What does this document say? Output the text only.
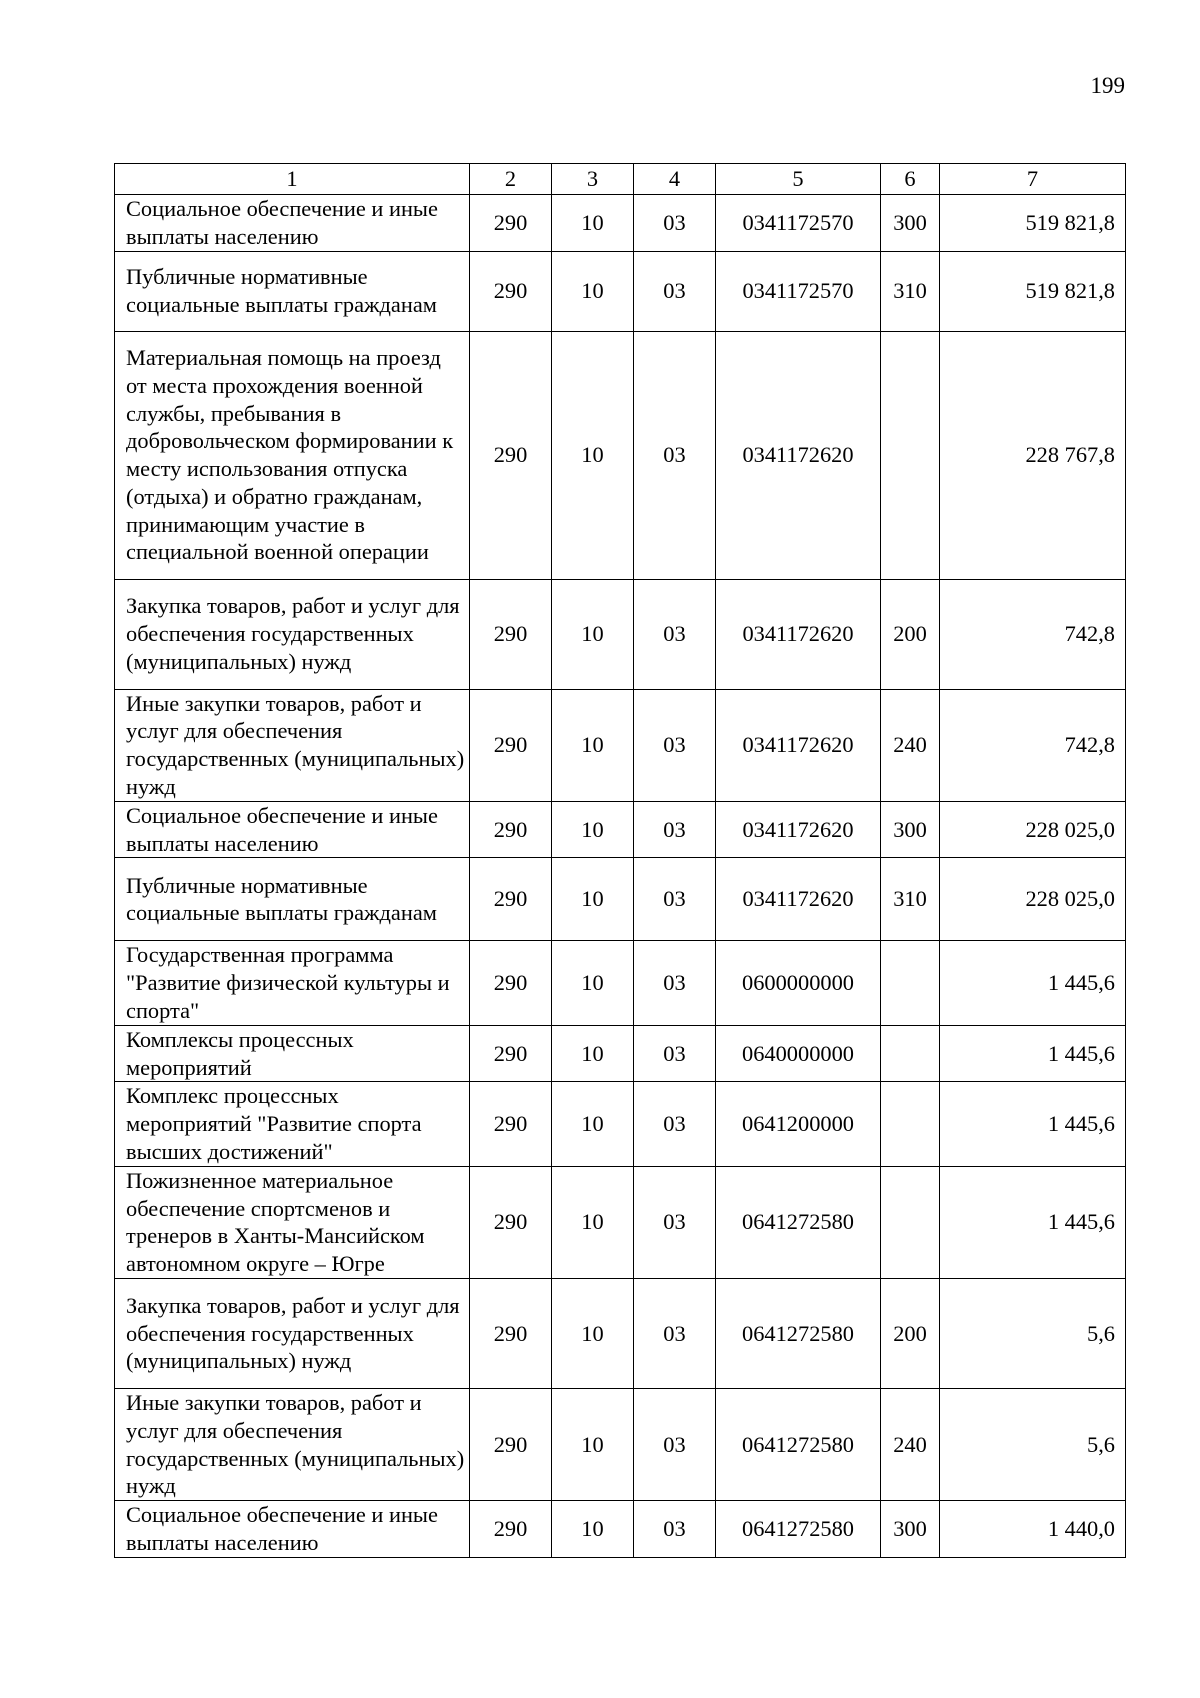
199
1	2	3	4	5	6	7
Социальное обеспечение и иные выплаты населению	290	10	03	0341172570	300	519 821,8
Публичные нормативные социальные выплаты гражданам	290	10	03	0341172570	310	519 821,8
Материальная помощь на проезд от места прохождения военной службы, пребывания в добровольческом формировании к месту использования отпуска (отдыха) и обратно гражданам, принимающим участие в специальной военной операции	290	10	03	0341172620		228 767,8
Закупка товаров, работ и услуг для обеспечения государственных (муниципальных) нужд	290	10	03	0341172620	200	742,8
Иные закупки товаров, работ и услуг для обеспечения государственных (муниципальных) нужд	290	10	03	0341172620	240	742,8
Социальное обеспечение и иные выплаты населению	290	10	03	0341172620	300	228 025,0
Публичные нормативные социальные выплаты гражданам	290	10	03	0341172620	310	228 025,0
Государственная программа "Развитие физической культуры и спорта"	290	10	03	0600000000		1 445,6
Комплексы процессных мероприятий	290	10	03	0640000000		1 445,6
Комплекс процессных мероприятий "Развитие спорта высших достижений"	290	10	03	0641200000		1 445,6
Пожизненное материальное обеспечение спортсменов и тренеров в Ханты-Мансийском автономном округе – Югре	290	10	03	0641272580		1 445,6
Закупка товаров, работ и услуг для обеспечения государственных (муниципальных) нужд	290	10	03	0641272580	200	5,6
Иные закупки товаров, работ и услуг для обеспечения государственных (муниципальных) нужд	290	10	03	0641272580	240	5,6
Социальное обеспечение и иные выплаты населению	290	10	03	0641272580	300	1 440,0
